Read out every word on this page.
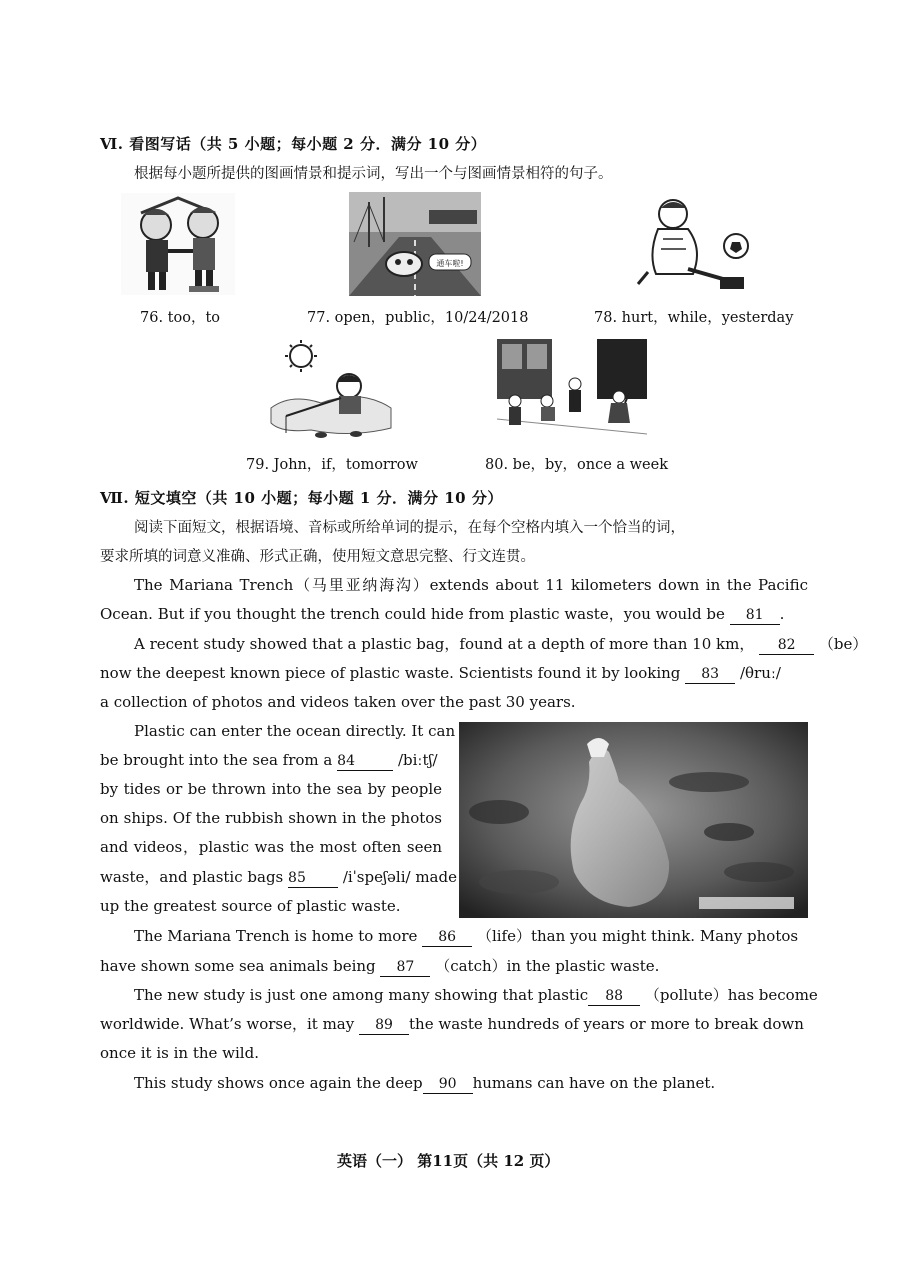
Ⅵ. 看图写话（共 5 小题；每小题 2 分．满分 10 分）
根据每小题所提供的图画情景和提示词，写出一个与图画情景相符的句子。
76. too，to
通车啦!
77. open，public，10/24/2018	78. hurt，while，yesterday
79. John，if，tomorrow	80. be，by，once a week
Ⅶ. 短文填空（共 10 小题；每小题 1 分．满分 10 分）
阅读下面短文，根据语境、音标或所给单词的提示，在每个空格内填入一个恰当的词，
要求所填的词意义准确、形式正确，使用短文意思完整、行文连贯。
The Mariana Trench（马里亚纳海沟）extends about 11 kilometers down in the Pacific
Ocean. But if you thought the trench could hide from plastic waste，you would be 81 .
A recent study showed that a plastic bag，found at a depth of more than 10 km， 82 （be）
now the deepest known piece of plastic waste. Scientists found it by looking 83 /θruː/
a collection of photos and videos taken over the past 30 years.
Plastic can enter the ocean directly. It can
be brought into the sea from a 84	/biːtʃ/
by tides or be thrown into the sea by people
on ships. Of the rubbish shown in the photos
and videos，plastic was the most often seen
waste，and plastic bags 85 /iˈspeʃəli/ made
up the greatest source of plastic waste.
The Mariana Trench is home to more 86 （life）than you might think. Many photos
have shown some sea animals being 87 （catch）in the plastic waste.
The new study is just one among many showing that plastic 88 （pollute）has become
worldwide. What’s worse，it may 89 the waste hundreds of years or more to break down
once it is in the wild.
This study shows once again the deep 90 humans can have on the planet.
英语（一） 第11页（共 12 页）
